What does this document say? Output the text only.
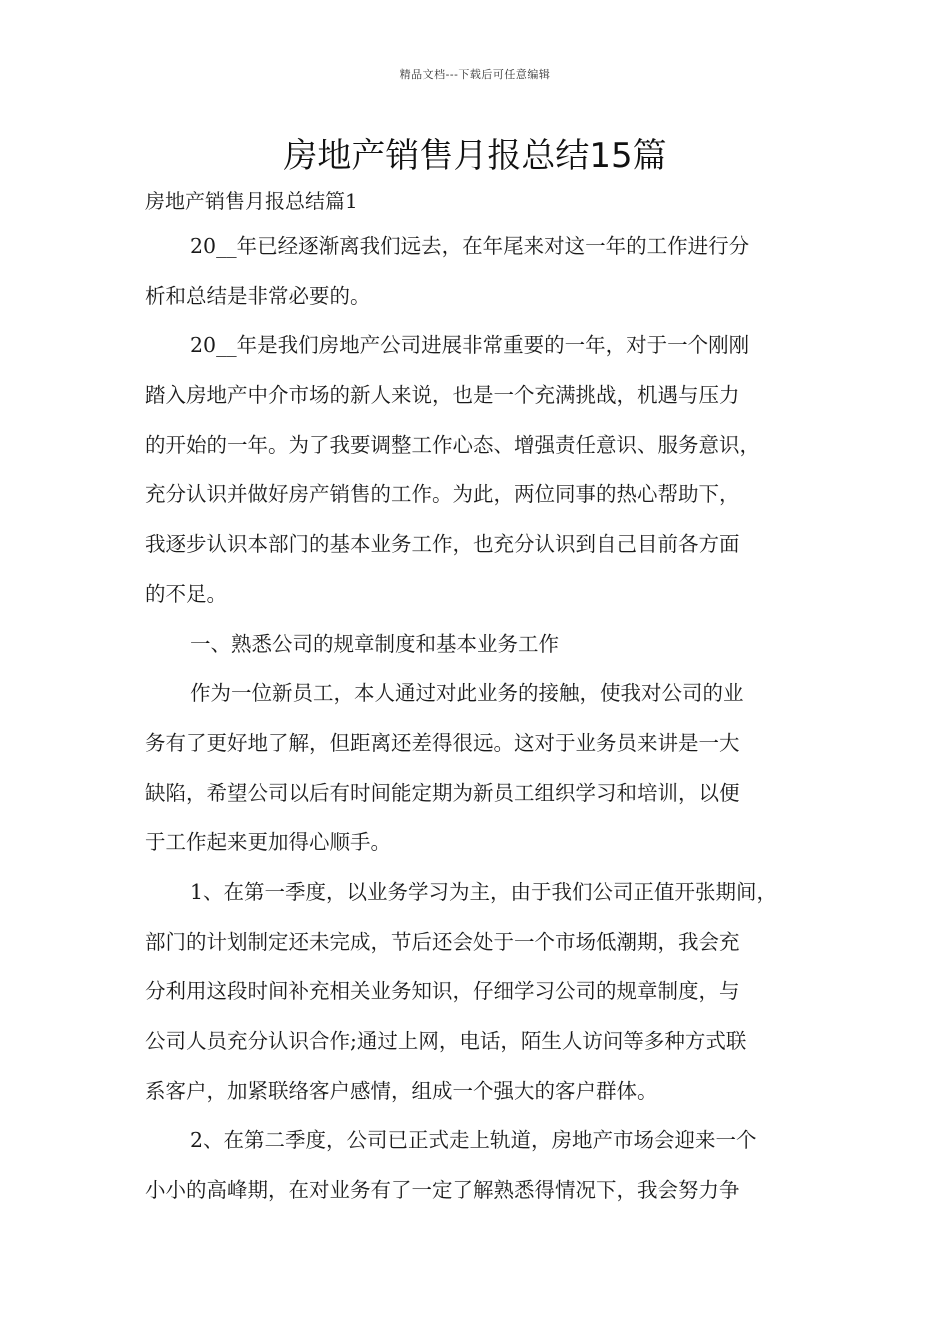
精品文档---下载后可任意编辑
房地产销售月报总结15篇
房地产销售月报总结篇1
20__年已经逐渐离我们远去，在年尾来对这一年的工作进行分
析和总结是非常必要的。
20__年是我们房地产公司进展非常重要的一年，对于一个刚刚
踏入房地产中介市场的新人来说，也是一个充满挑战，机遇与压力
的开始的一年。为了我要调整工作心态、增强责任意识、服务意识，
充分认识并做好房产销售的工作。为此，两位同事的热心帮助下，
我逐步认识本部门的基本业务工作，也充分认识到自己目前各方面
的不足。
一、熟悉公司的规章制度和基本业务工作
作为一位新员工，本人通过对此业务的接触，使我对公司的业
务有了更好地了解，但距离还差得很远。这对于业务员来讲是一大
缺陷，希望公司以后有时间能定期为新员工组织学习和培训，以便
于工作起来更加得心顺手。
1、在第一季度，以业务学习为主，由于我们公司正值开张期间，
部门的计划制定还未完成，节后还会处于一个市场低潮期，我会充
分利用这段时间补充相关业务知识，仔细学习公司的规章制度，与
公司人员充分认识合作;通过上网，电话，陌生人访问等多种方式联
系客户，加紧联络客户感情，组成一个强大的客户群体。
2、在第二季度，公司已正式走上轨道，房地产市场会迎来一个
小小的高峰期，在对业务有了一定了解熟悉得情况下，我会努力争
